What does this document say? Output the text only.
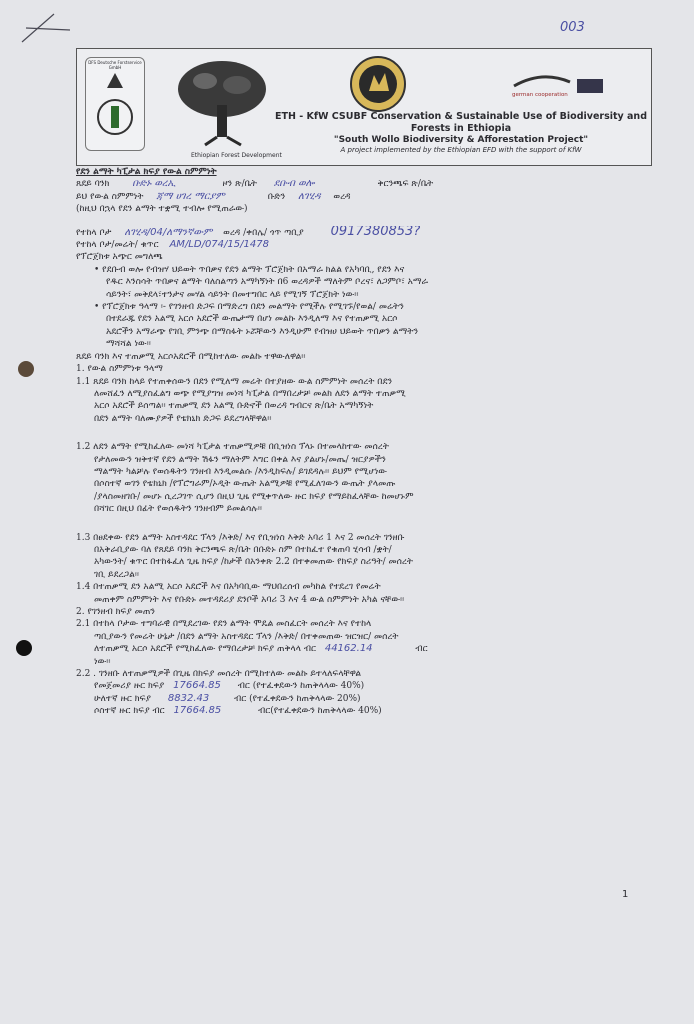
003
DFS Deutsche Forstservice GmbH
Ethiopian Forest Development
german cooperation
ETH - KfW CSUBF Conservation & Sustainable Use of Biodiversity and
Forests in Ethiopia
"South Wollo Biodiversity & Afforestation Project"
A project implemented by the Ethiopian EFD with the support of KfW
የደን ልማት ካፒታል ክፍያ የውል ስምምነት
ጸደይ ባንክ ቡድኑ ወረኢ	ዞን ጽ/ቤት ደቡብ ወሎ	ቅርንጫፍ ጽ/ቤት
ይህ የውል ስምምነት ጃማ ሀገረ ማርያም	ቡድን ለገሂዳ ወረዳ
(ከዚህ በኋላ የደን ልማት ተቋሚ ተብሎ የሚጠራው)
የተከላ ቦታ ለገሂዳ/04/ለማንኛውም ወረዳ /ቀበሌ/ ጎጥ ጣቢያ 0917380853?
የተከላ ቦታ/መሬት/ ቁጥር AM/LD/074/15/1478
የፕሮጀክቱ አጭር መግለጫ
• የደቡብ ወሎ የብዝሃ ህይወት ጥበቃና የደን ልማት ፕሮጀክት በአማራ ክልል የአካባቢ, የደን እና
የዱር እንስሳት ጥበቃና ልማት ባለስልጣን አማካኝነት በ6 ወረዳዎች ማለትም ቦረና፣ ለጋምቦ፣ አማራ
ሳይንት፣ መቅደላ፣ተንታና መሃል ሳይንት በመተግበር ላይ የሚገኝ ፕሮጀክት ነው፡፡
• የፕሮጀክቱ ዓላማ ፡- የገንዘብ ድጋፍ በማድረግ በደን መልማት የሚችሉ የሚገኙ/የወል/ መሬትን
በተደራጁ የደን አልሚ አርሶ አደሮች ውጤታማ በሆነ መልኩ እንዲለማ እና የተጠቃሚ አርሶ
አደሮችን አማራጭ የገቢ ምንጭ በማስፋት ኑሯቸውን እንዲሁም የብዝሀ ህይወት ጥበቃን ልማትን
ማሻሻል ነው፡፡
ጸደይ ባንክ እና ተጠቃሚ አርሶአደሮች በሚከተለው መልኩ ተዋውለዋል፡፡
1. የውል ስምምነቱ ዓላማ
1.1 ጸደይ ባንክ ከላይ የተጠቀሰውን በደን የሚለማ መሬት በተያዘው ውል ስምምነት መሰረት በደን
ለመሸፈን ለሚያስፈልግ ወጭ የሚያግዝ መነሻ ካፒታል በማበረታቻ መልክ ለደን ልማት ተጠቃሚ
አርሶ አደሮች ይሰጣል፡፡ ተጠቃሚ ደን አልሚ ቡድኖች በወረዳ ግብርና ጽ/ቤት አማካኝነት
በደን ልማት ባለሙያዎች የቴክኒክ ድጋፍ ይደረግላቸዋል፡፡
1.2 ለደን ልማት የሚከፈለው መነሻ ካፒታል ተጠቃሚዎቹ በቢዝነስ ፕላኑ በተመላከተው መሰረት
የታለመውን ዝቅተኛ የደን ልማት ሽፋን ማለትም እግር በቀል እና ያልሆኑ/መጤ/ ዝርያዎችን
ማልማት ካልቻሉ የወሰዱትን ገንዘብ እንዲመልሱ /እንዲከፍሉ/ ይገደዳሉ፡፡ ይህም የሚሆነው
በሶስተኛ ወገን የቴክኒክ /የፕሮግራም/ኦዲት ውጤት አልሚዎቹ የሚፈለገውን ውጤት ያላመጡ
/ያላስመዘገቡ/ መሆኑ ሲረጋገጥ ሲሆን በዚህ ጊዜ የሚቀጥለው ዙር ክፍያ የማይከፈላቸው ከመሆኑም
በሻገር በዚህ በፊት የወሰዱትን ገንዘብም ይመልሳሉ፡፡
1.3 በፀደቀው የደን ልማት አስተዳደር ፕላን /እቅድ/ እና የቢዝነስ እቅድ አባሪ 1 እና 2 መሰረት ገንዘቡ
በአቅራቢያው ባለ የጸደይ ባንክ ቅርንጫፍ ጽ/ቤት በቡድኑ ስም በተከፈተ የቁጠባ ሂሳብ /ቋት/
አካውንት/ ቁጥር በተከፋፈለ ጊዜ ክፍያ /ከታች በአንቀጽ 2.2 በተቀመጠው የክፍያ ስሪዓት/ መሰረት
ገቢ ይደረጋል፡፡
1.4 በተጠቃሚ ደን አልሚ አርሶ አደሮች እና በአካባቢው ማህበረሰብ መካከል የተደረገ የመሬት
መጠቀም ስምምነት እና የቡድኑ መተዳደሪያ ደንቦች አባሪ 3 እና 4 ውል ስምምነት አካል ናቸው፡፡
2. የገንዘብ ክፍያ መጠን
2.1 በተከላ ቦታው ተግባራዊ በሚደረገው የደን ልማት ሞዴል መስፈርት መሰረት እና የተከላ
ጣቢያውን የመሬት ሁኔታ /በደን ልማት አስተዳደር ፕላን /እቅድ/ በተቀመጠው ዝርዝር/ መሰረት
ለተጠቃሚ አርሶ አደሮች የሚከፈለው የማበረታቻ ክፍያ ጠቅላላ ብር 44162.14	ብር
ነው፡፡
2.2 . ገንዘቡ ለተጠቃሚዎች በጊዜ በክፍያ መሰረት በሚከተለው መልኩ ይተላለፍላቸዋል
የመጀመሪያ ዙር ክፍያ 17664.85 ብር (የተፈቀደውን ከጠቅላላው 40%)
ሁለተኛ ዙር ክፍያ 8832.43	ብር (የተፈቀደውን ከጠቅላላው 20%)
ሶስተኛ ዙር ክፍያ ብር 17664.85	ብር(የተፈቀደውን ከጠቅላላው 40%)
1
